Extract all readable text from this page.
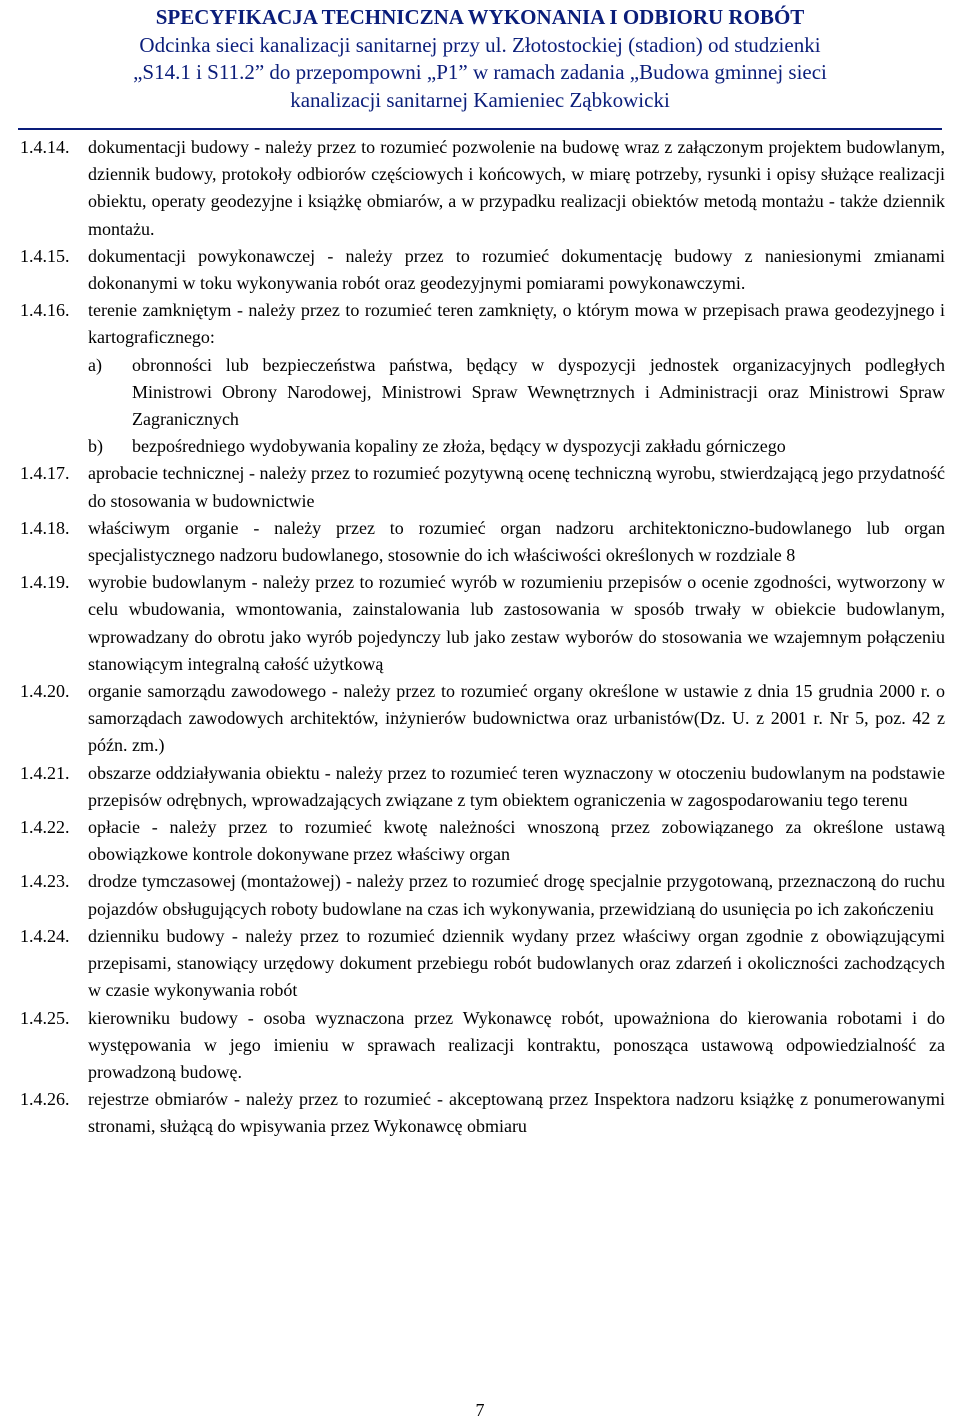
SPECYFIKACJA TECHNICZNA WYKONANIA I ODBIORU ROBÓT
Odcinka sieci kanalizacji sanitarnej przy ul. Złotostockiej (stadion) od studzienki
„S14.1 i S11.2” do przepompowni „P1” w ramach zadania „Budowa gminnej sieci
kanalizacji sanitarnej Kamieniec Ząbkowicki
1.4.14.	dokumentacji budowy - należy przez to rozumieć pozwolenie na budowę wraz z załączonym projektem budowlanym, dziennik budowy, protokoły odbiorów częściowych i końcowych, w miarę potrzeby, rysunki i opisy służące realizacji obiektu, operaty geodezyjne i książkę obmiarów, a w przypadku realizacji obiektów metodą montażu - także dziennik montażu.
1.4.15.	dokumentacji powykonawczej - należy przez to rozumieć dokumentację budowy z naniesionymi zmianami dokonanymi w toku wykonywania robót oraz geodezyjnymi pomiarami powykonawczymi.
1.4.16.	terenie zamkniętym - należy przez to rozumieć teren zamknięty, o którym mowa w przepisach prawa geodezyjnego i kartograficznego:
a)	obronności lub bezpieczeństwa państwa, będący w dyspozycji jednostek organizacyjnych podległych Ministrowi Obrony Narodowej, Ministrowi Spraw Wewnętrznych i Administracji oraz Ministrowi Spraw Zagranicznych
b)	bezpośredniego wydobywania kopaliny ze złoża, będący w dyspozycji zakładu górniczego
1.4.17.	aprobacie technicznej - należy przez to rozumieć pozytywną ocenę techniczną wyrobu, stwierdzającą jego przydatność do stosowania w budownictwie
1.4.18.	właściwym organie - należy przez to rozumieć organ nadzoru architektoniczno-budowlanego lub organ specjalistycznego nadzoru budowlanego, stosownie do ich właściwości określonych w rozdziale 8
1.4.19.	wyrobie budowlanym - należy przez to rozumieć wyrób w rozumieniu przepisów o ocenie zgodności, wytworzony w celu wbudowania, wmontowania, zainstalowania lub zastosowania w sposób trwały w obiekcie budowlanym, wprowadzany do obrotu jako wyrób pojedynczy lub jako zestaw wyborów do stosowania we wzajemnym połączeniu stanowiącym integralną całość użytkową
1.4.20.	organie samorządu zawodowego - należy przez to rozumieć organy określone w ustawie z dnia 15 grudnia 2000 r. o samorządach zawodowych architektów, inżynierów budownictwa oraz urbanistów(Dz. U. z 2001 r. Nr 5, poz. 42 z późn. zm.)
1.4.21.	obszarze oddziaływania obiektu - należy przez to rozumieć teren wyznaczony w otoczeniu budowlanym na podstawie przepisów odrębnych, wprowadzających związane z tym obiektem ograniczenia w zagospodarowaniu tego terenu
1.4.22.	opłacie - należy przez to rozumieć kwotę należności wnoszoną przez zobowiązanego za określone ustawą obowiązkowe kontrole dokonywane przez właściwy organ
1.4.23.	drodze tymczasowej (montażowej) - należy przez to rozumieć drogę specjalnie przygotowaną, przeznaczoną do ruchu pojazdów obsługujących roboty budowlane na czas ich wykonywania, przewidzianą do usunięcia po ich zakończeniu
1.4.24.	dzienniku budowy - należy przez to rozumieć dziennik wydany przez właściwy organ zgodnie z obowiązującymi przepisami, stanowiący urzędowy dokument przebiegu robót budowlanych oraz zdarzeń i okoliczności zachodzących w czasie wykonywania robót
1.4.25.	kierowniku budowy - osoba wyznaczona przez Wykonawcę robót, upoważniona do kierowania robotami i do występowania w jego imieniu w sprawach realizacji kontraktu, ponosząca ustawową odpowiedzialność za prowadzoną budowę.
1.4.26.	rejestrze obmiarów - należy przez to rozumieć - akceptowaną przez Inspektora nadzoru książkę z ponumerowanymi stronami, służącą do wpisywania przez Wykonawcę obmiaru
7
